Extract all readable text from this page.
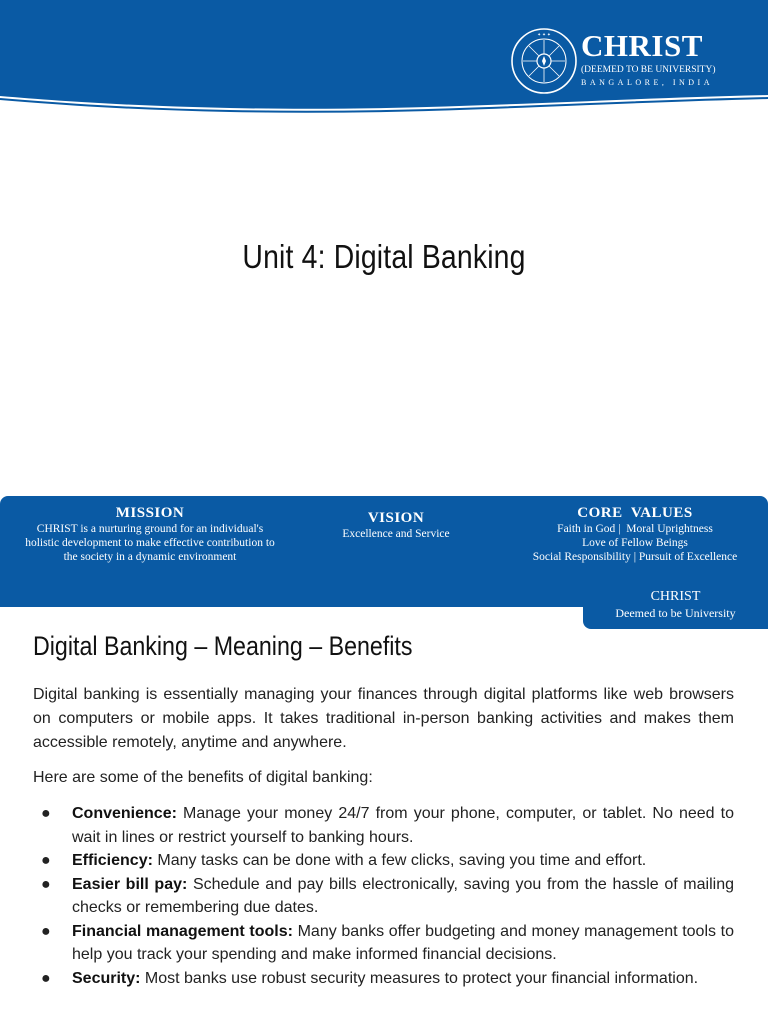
✦ ✦ ✦ CHRIST
(DEEMED TO BE UNIVERSITY)
BANGALORE, INDIA
Unit 4: Digital Banking
MISSION
CHRIST is a nurturing ground for an individual's
holistic development to make effective contribution to
the society in a dynamic environment
VISION
Excellence and Service
CORE  VALUES
Faith in God |  Moral Uprightness
Love of Fellow Beings
Social Responsibility | Pursuit of Excellence
CHRIST
Deemed to be University
Digital Banking – Meaning – Benefits

Digital banking is essentially managing your finances through digital platforms like web browsers on computers or mobile apps. It takes traditional in-person banking activities and makes them accessible remotely, anytime and anywhere.

Here are some of the benefits of digital banking:

● Convenience: Manage your money 24/7 from your phone, computer, or tablet. No need to wait in lines or restrict yourself to banking hours.
● Efficiency: Many tasks can be done with a few clicks, saving you time and effort.
● Easier bill pay: Schedule and pay bills electronically, saving you from the hassle of mailing checks or remembering due dates.
● Financial management tools: Many banks offer budgeting and money management tools to help you track your spending and make informed financial decisions.
● Security: Most banks use robust security measures to protect your financial information.
